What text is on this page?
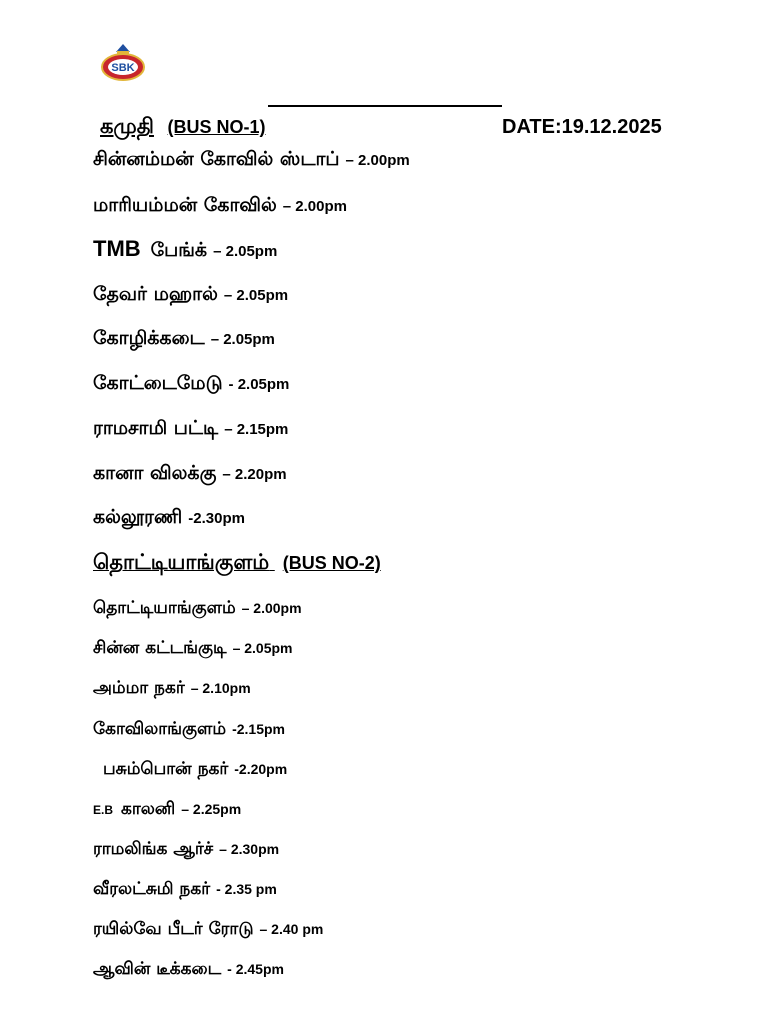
SBK
கமுதி (BUS NO-1)	DATE:19.12.2025
சின்னம்மன் கோவில் ஸ்டாப் – 2.00pm
மாரியம்மன் கோவில் – 2.00pm
TMB பேங்க் – 2.05pm
தேவர் மஹால் – 2.05pm
கோழிக்கடை – 2.05pm
கோட்டைமேடு - 2.05pm
ராமசாமி பட்டி – 2.15pm
கானா விலக்கு – 2.20pm
கல்லூரணி -2.30pm
தொட்டியாங்குளம் (BUS NO-2)
தொட்டியாங்குளம் – 2.00pm
சின்ன கட்டங்குடி – 2.05pm
அம்மா நகர் – 2.10pm
கோவிலாங்குளம் -2.15pm
பசும்பொன் நகர் -2.20pm
E.B காலனி – 2.25pm
ராமலிங்க ஆர்ச் – 2.30pm
வீரலட்சுமி நகர் - 2.35 pm
ரயில்வே பீடர் ரோடு – 2.40 pm
ஆவின் டீக்கடை - 2.45pm
